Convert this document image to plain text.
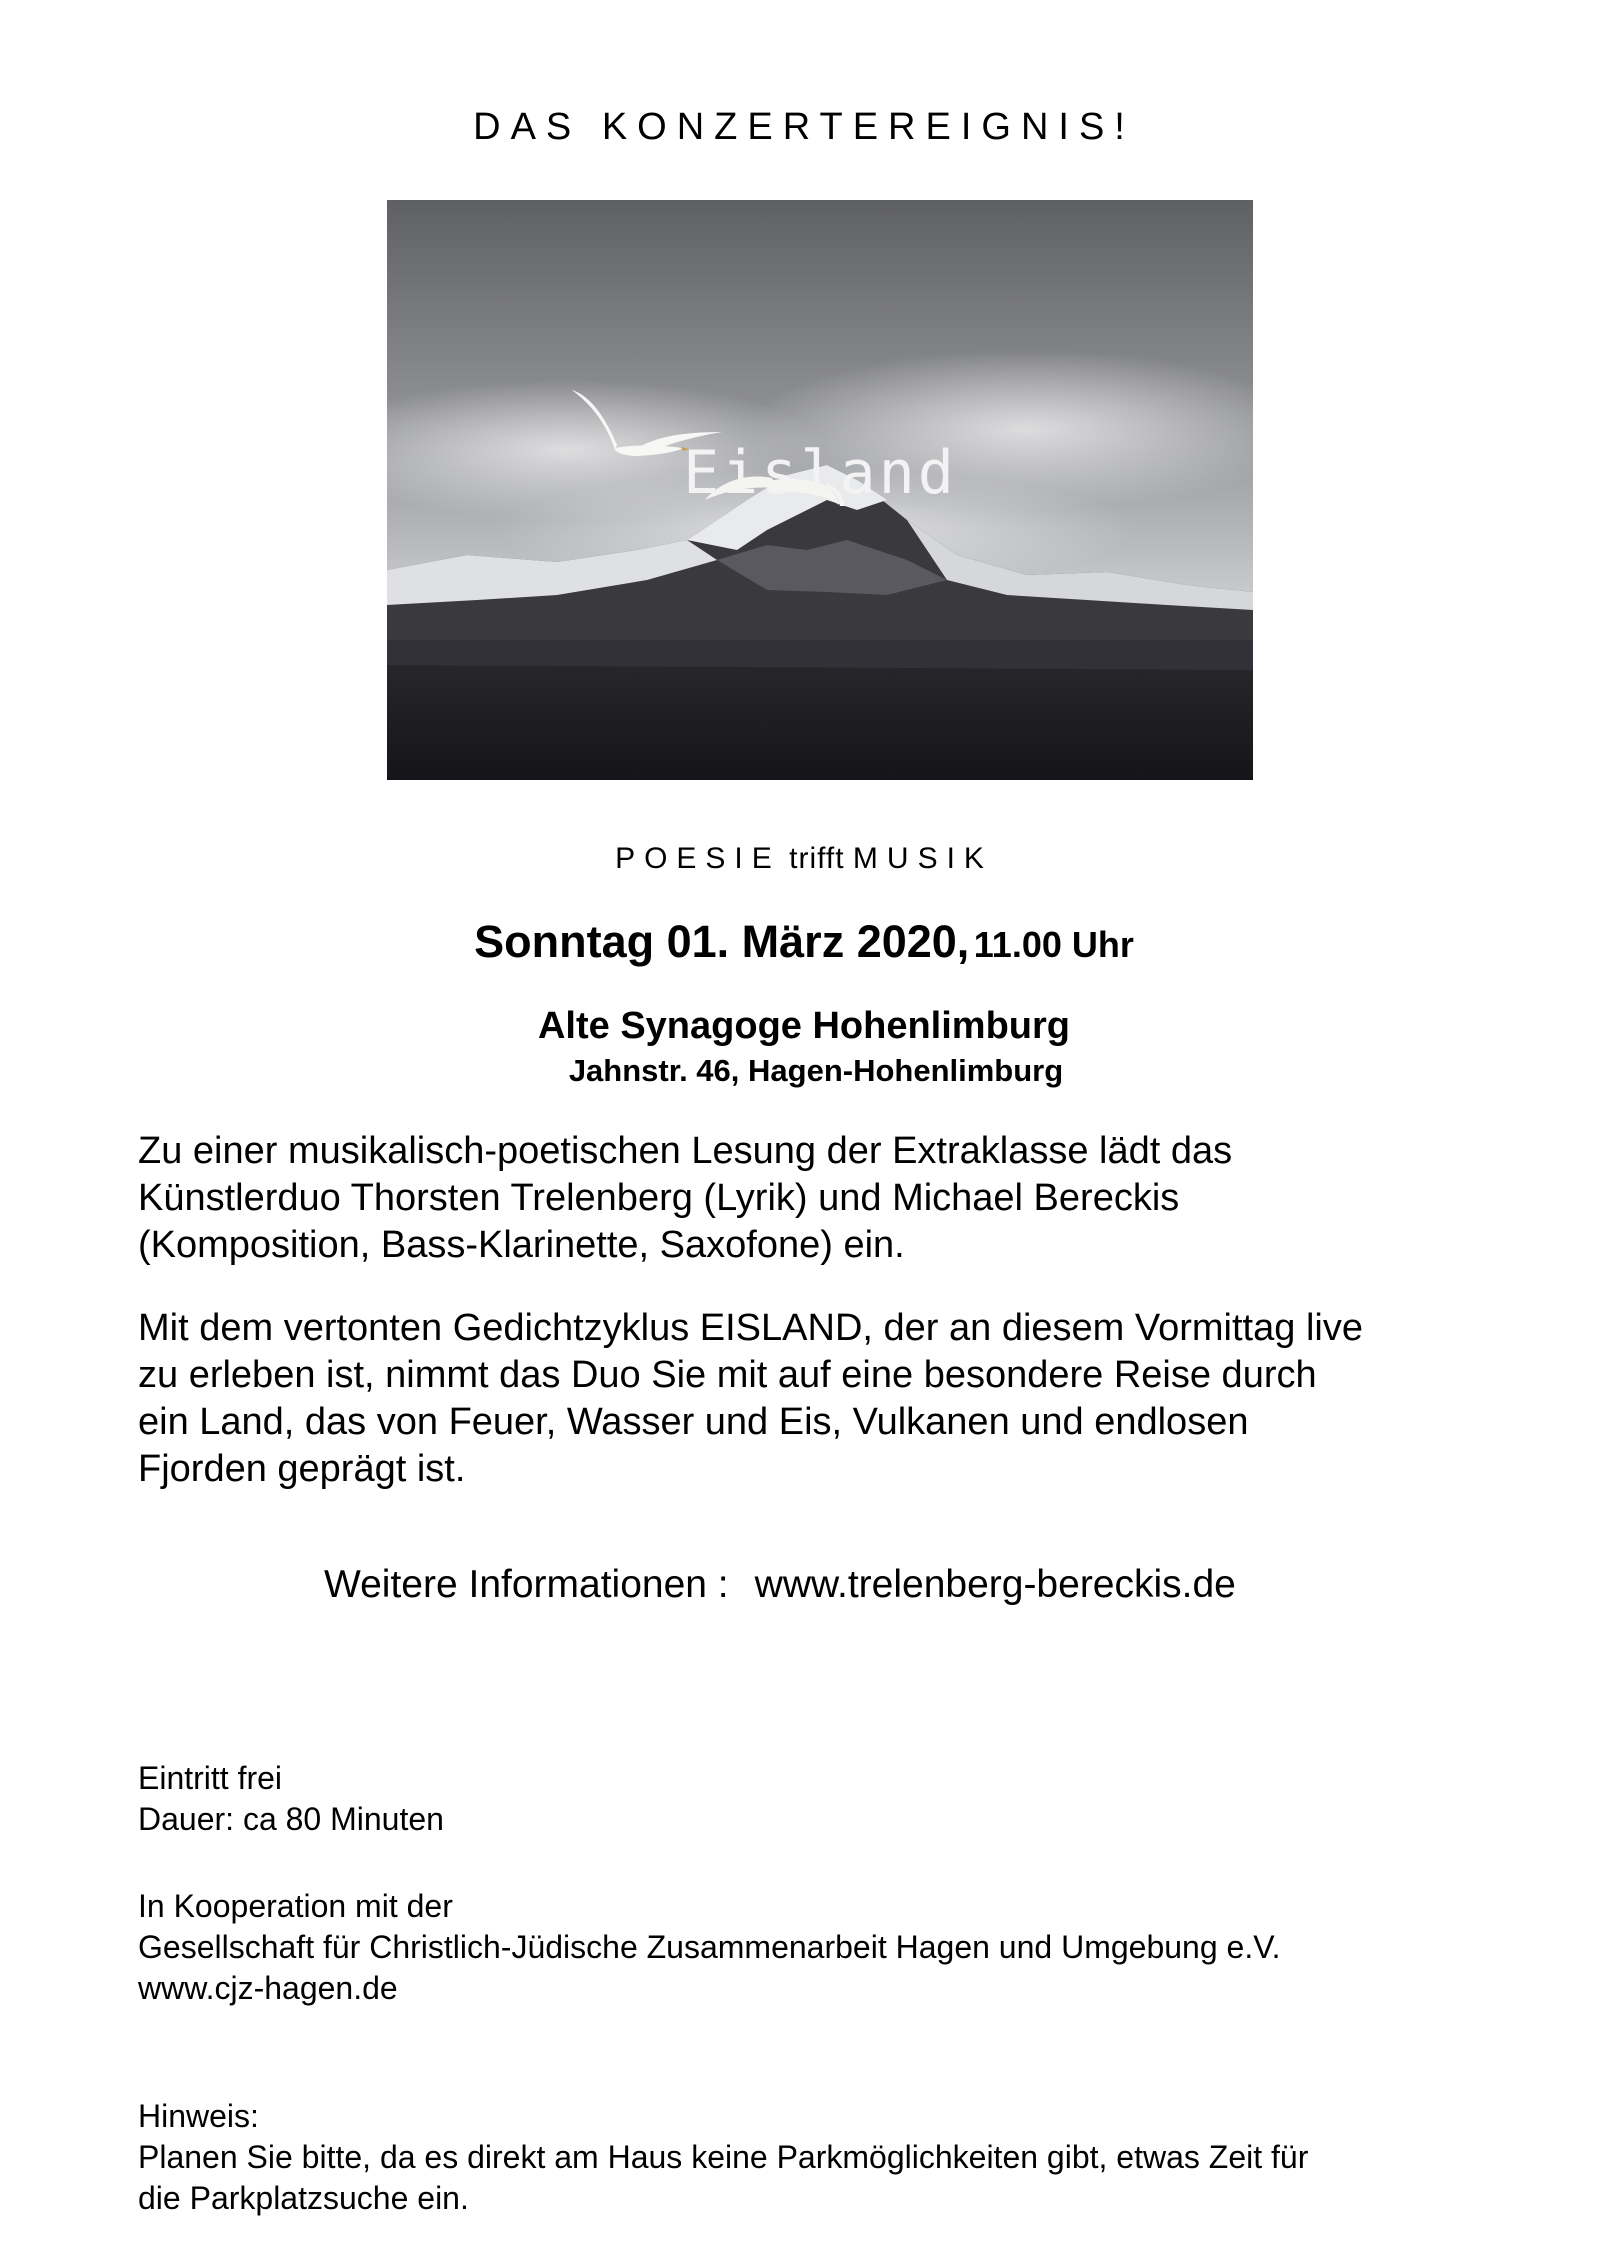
DAS KONZERTEREIGNIS!
Eisland
POESIE trifft MUSIK
Sonntag 01. März 2020, 11.00 Uhr
Alte Synagoge Hohenlimburg
Jahnstr. 46, Hagen-Hohenlimburg

Zu einer musikalisch-poetischen Lesung der Extraklasse lädt das

Künstlerduo Thorsten Trelenberg (Lyrik) und Michael Bereckis

(Komposition, Bass-Klarinette, Saxofone) ein.

Mit dem vertonten Gedichtzyklus EISLAND, der an diesem Vormittag live

zu erleben ist, nimmt das Duo Sie mit auf eine besondere Reise durch

ein Land, das von Feuer, Wasser und Eis, Vulkanen und endlosen

Fjorden geprägt ist.

Weitere Informationen : www.trelenberg-bereckis.de

Eintritt frei

Dauer: ca 80 Minuten

In Kooperation mit der

Gesellschaft für Christlich-Jüdische Zusammenarbeit Hagen und Umgebung e.V.

www.cjz-hagen.de

Hinweis:

Planen Sie bitte, da es direkt am Haus keine Parkmöglichkeiten gibt, etwas Zeit für

die Parkplatzsuche ein.
